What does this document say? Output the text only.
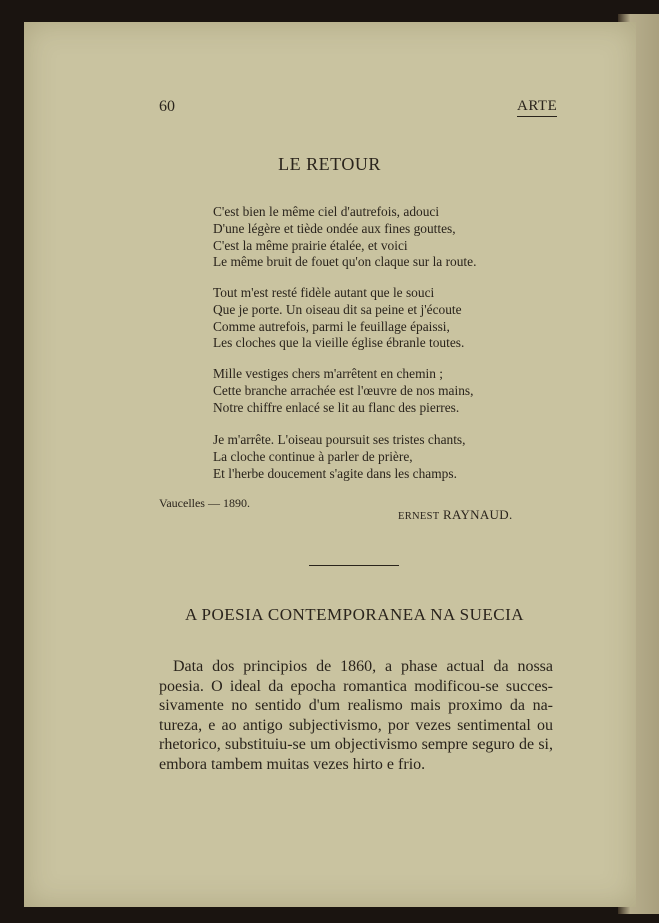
60	ARTE
LE RETOUR
C'est bien le même ciel d'autrefois, adouci
D'une légère et tiède ondée aux fines gouttes,
C'est la même prairie étalée, et voici
Le même bruit de fouet qu'on claque sur la route.
Tout m'est resté fidèle autant que le souci
Que je porte. Un oiseau dit sa peine et j'écoute
Comme autrefois, parmi le feuillage épaissi,
Les cloches que la vieille église ébranle toutes.
Mille vestiges chers m'arrêtent en chemin ;
Cette branche arrachée est l'œuvre de nos mains,
Notre chiffre enlacé se lit au flanc des pierres.
Je m'arrête. L'oiseau poursuit ses tristes chants,
La cloche continue à parler de prière,
Et l'herbe doucement s'agite dans les champs.
Vaucelles — 1890.
ERNEST RAYNAUD.
A POESIA CONTEMPORANEA NA SUECIA
Data dos principios de 1860, a phase actual da nossa poesia. O ideal da epocha romantica modificou-se succes-sivamente no sentido d'um realismo mais proximo da na-tureza, e ao antigo subjectivismo, por vezes sentimental ou rhetorico, substituiu-se um objectivismo sempre seguro de si, embora tambem muitas vezes hirto e frio.
